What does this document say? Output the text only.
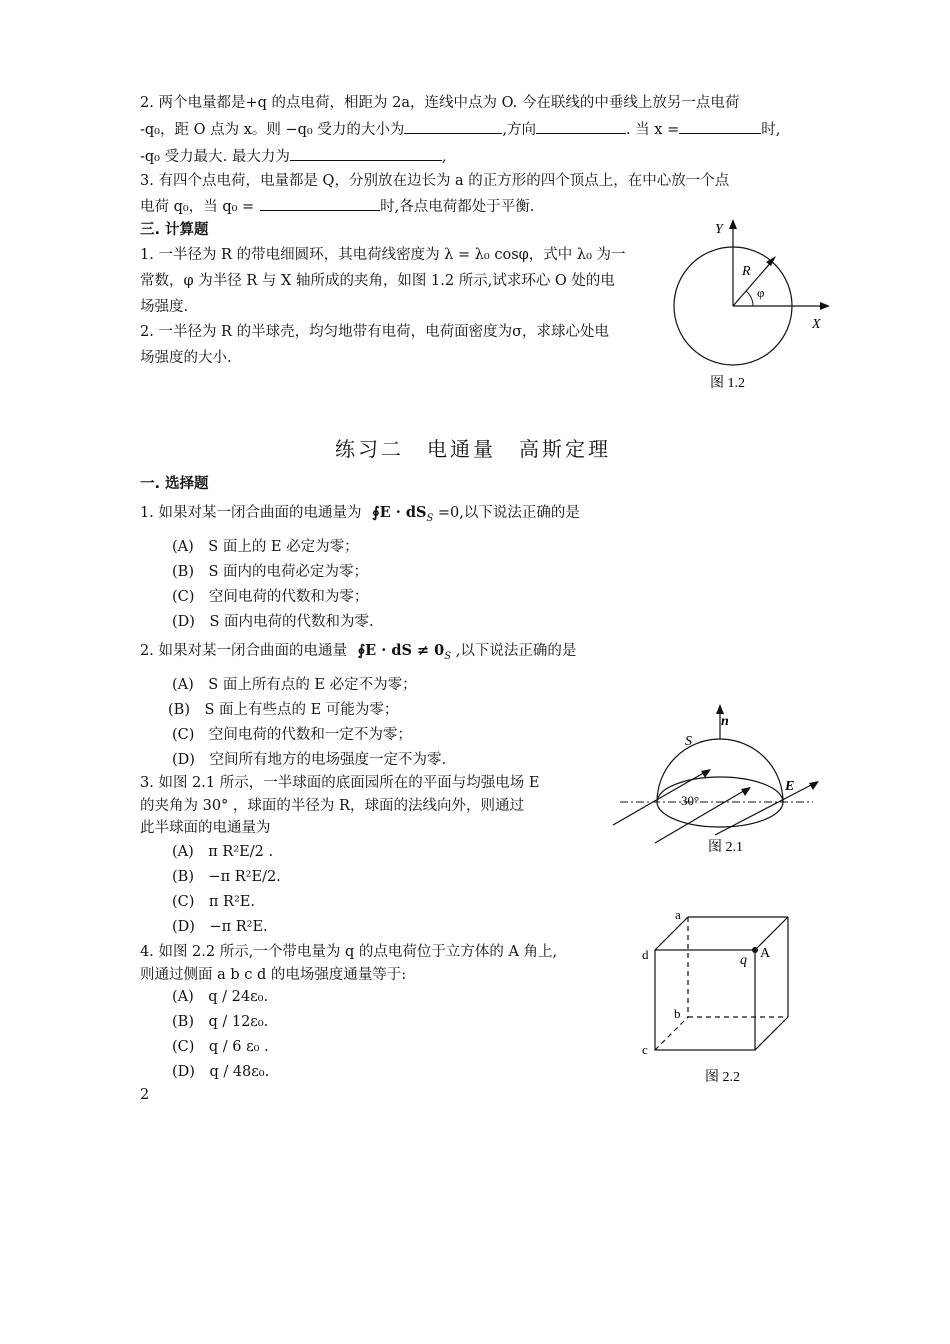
2. 两个电量都是+q 的点电荷，相距为 2a，连线中点为 O. 今在联线的中垂线上放另一点电荷
-q₀，距 O 点为 x。则 −q₀ 受力的大小为	,方向	. 当 x =	时,
-q₀ 受力最大. 最大力为	,
3. 有四个点电荷，电量都是 Q，分别放在边长为 a 的正方形的四个顶点上，在中心放一个点
电荷 q₀，当 q₀ =	时,各点电荷都处于平衡.
三. 计算题
1. 一半径为 R 的带电细圆环，其电荷线密度为 λ = λ₀ cosφ，式中 λ₀ 为一
常数，φ 为半径 R 与 X 轴所成的夹角，如图 1.2 所示,试求环心 O 处的电
场强度.
2. 一半径为 R 的半球壳，均匀地带有电荷，电荷面密度为σ，求球心处电
场强度的大小.
Y
X
R
φ
图 1.2
练习二　电通量　高斯定理
一. 选择题
1. 如果对某一闭合曲面的电通量为 ∮E · $dS_S =0$,以下说法正确的是
(A)　S 面上的 E 必定为零；
(B)　S 面内的电荷必定为零；
(C)　空间电荷的代数和为零；
(D)　S 面内电荷的代数和为零.
2. 如果对某一闭合曲面的电通量 ∮E · dS ≠ $0_S$ ,以下说法正确的是
(A)　S 面上所有点的 E 必定不为零；
(B)　S 面上有些点的 E 可能为零；
(C)　空间电荷的代数和一定不为零；
(D)　空间所有地方的电场强度一定不为零.
3. 如图 2.1 所示，一半球面的底面园所在的平面与均强电场 E
的夹角为 30° ，球面的半径为 R，球面的法线向外，则通过
此半球面的电通量为
(A)　π R²E/2 .
(B)　−π R²E/2.
(C)　π R²E.
(D)　−π R²E.
n
S
E
30°
图 2.1
4. 如图 2.2 所示,一个带电量为 q 的点电荷位于立方体的 A 角上,
则通过侧面 a b c d 的电场强度通量等于:
(A)　q / 24ε₀.
(B)　q / 12ε₀.
(C)　q / 6 ε₀ .
(D)　q / 48ε₀.
a
b
c
d	A
q
图 2.2
2
